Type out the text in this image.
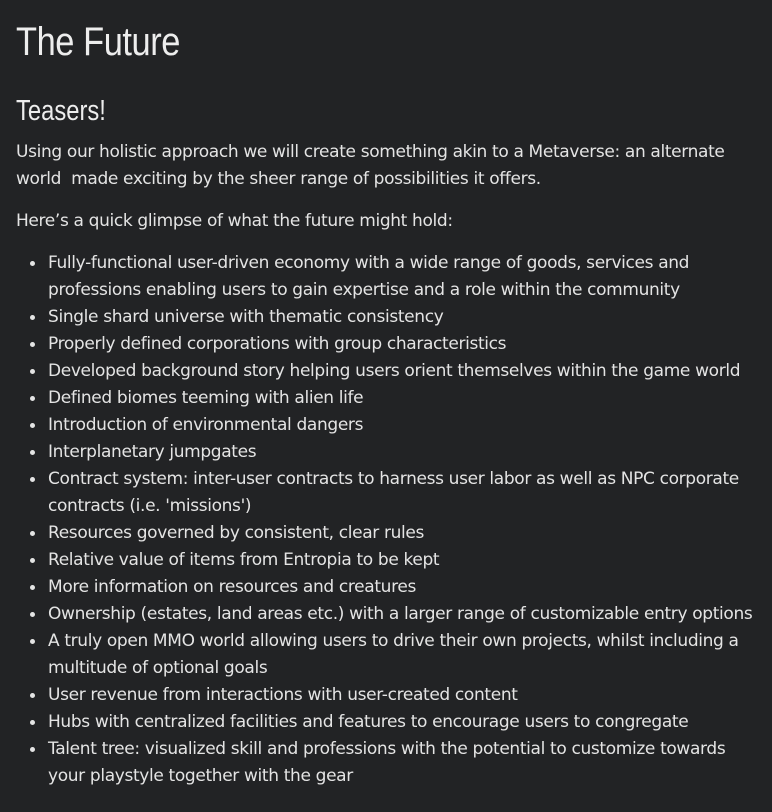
The Future
Teasers!

Using our holistic approach we will create something akin to a Metaverse: an alternate
world  made exciting by the sheer range of possibilities it offers.

Here’s a quick glimpse of what the future might hold:

Fully-functional user-driven economy with a wide range of goods, services and professions enabling users to gain expertise and a role within the community
Single shard universe with thematic consistency
Properly defined corporations with group characteristics
Developed background story helping users orient themselves within the game world
Defined biomes teeming with alien life
Introduction of environmental dangers
Interplanetary jumpgates
Contract system: inter-user contracts to harness user labor as well as NPC corporate contracts (i.e. 'missions')
Resources governed by consistent, clear rules
Relative value of items from Entropia to be kept
More information on resources and creatures
Ownership (estates, land areas etc.) with a larger range of customizable entry options
A truly open MMO world allowing users to drive their own projects, whilst including a multitude of optional goals
User revenue from interactions with user-created content
Hubs with centralized facilities and features to encourage users to congregate
Talent tree: visualized skill and professions with the potential to customize towards your playstyle together with the gear
